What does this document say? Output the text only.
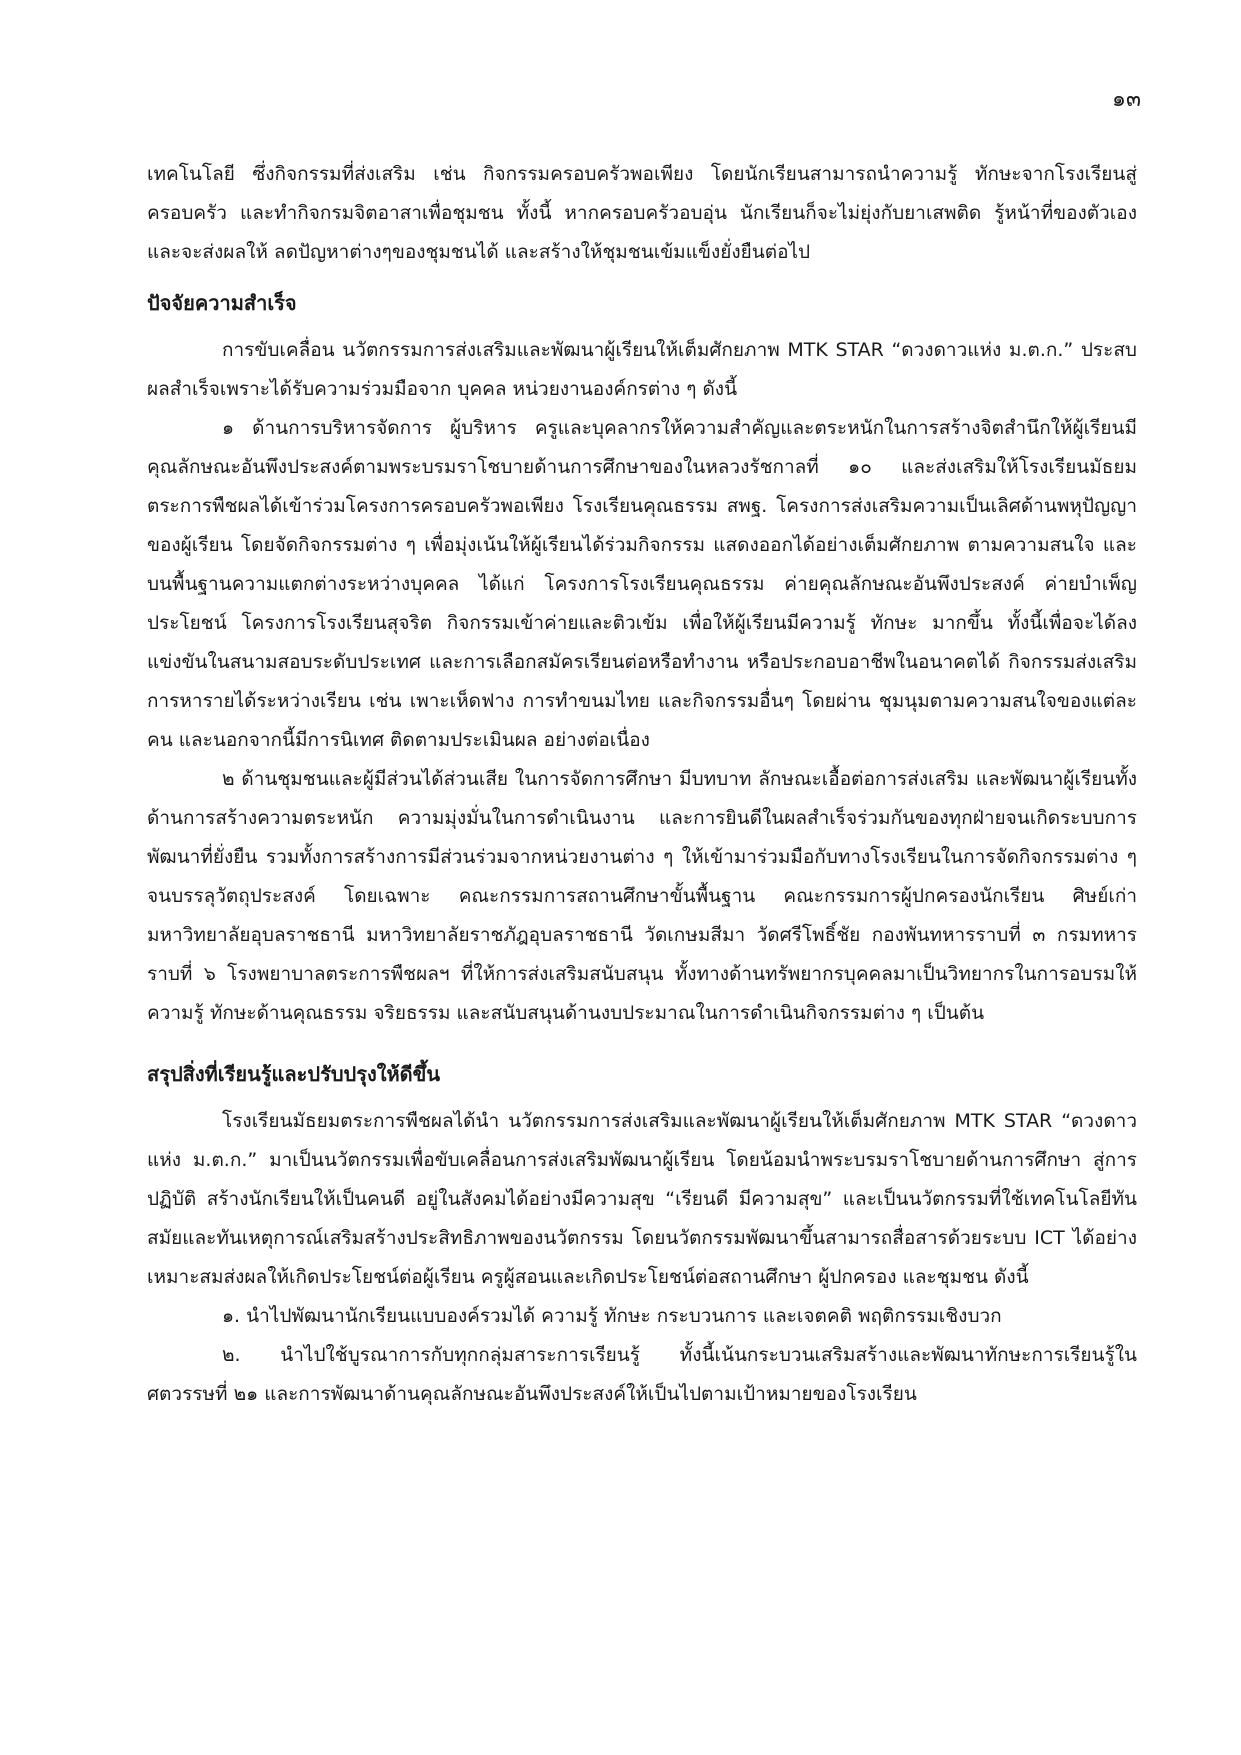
๑๓

เทคโนโลยี ซึ่งกิจกรรมที่ส่งเสริม เช่น กิจกรรมครอบครัวพอเพียง โดยนักเรียนสามารถนำความรู้ ทักษะจากโรงเรียนสู่ครอบครัว และทำกิจกรมจิตอาสาเพื่อชุมชน ทั้งนี้ หากครอบครัวอบอุ่น นักเรียนก็จะไม่ยุ่งกับยาเสพติด รู้หน้าที่ของตัวเอง และจะส่งผลให้ ลดปัญหาต่างๆของชุมชนได้ และสร้างให้ชุมชนเข้มแข็งยั่งยืนต่อไป

ปัจจัยความสำเร็จ

การขับเคลื่อน นวัตกรรมการส่งเสริมและพัฒนาผู้เรียนให้เต็มศักยภาพ MTK STAR “ดวงดาวแห่ง ม.ต.ก.” ประสบผลสำเร็จเพราะได้รับความร่วมมือจาก บุคคล หน่วยงานองค์กรต่าง ๆ ดังนี้

๑ ด้านการบริหารจัดการ ผู้บริหาร ครูและบุคลากรให้ความสำคัญและตระหนักในการสร้างจิตสำนึกให้ผู้เรียนมีคุณลักษณะอันพึงประสงค์ตามพระบรมราโชบายด้านการศึกษาของในหลวงรัชกาลที่ ๑๐ และส่งเสริมให้โรงเรียนมัธยมตระการพืชผลได้เข้าร่วมโครงการครอบครัวพอเพียง โรงเรียนคุณธรรม สพฐ. โครงการส่งเสริมความเป็นเลิศด้านพหุปัญญาของผู้เรียน โดยจัดกิจกรรมต่าง ๆ เพื่อมุ่งเน้นให้ผู้เรียนได้ร่วมกิจกรรม แสดงออกได้อย่างเต็มศักยภาพ ตามความสนใจ และบนพื้นฐานความแตกต่างระหว่างบุคคล ได้แก่ โครงการโรงเรียนคุณธรรม ค่ายคุณลักษณะอันพึงประสงค์ ค่ายบำเพ็ญประโยชน์ โครงการโรงเรียนสุจริต กิจกรรมเข้าค่ายและติวเข้ม เพื่อให้ผู้เรียนมีความรู้ ทักษะ มากขึ้น ทั้งนี้เพื่อจะได้ลงแข่งขันในสนามสอบระดับประเทศ และการเลือกสมัครเรียนต่อหรือทำงาน หรือประกอบอาชีพในอนาคตได้ กิจกรรมส่งเสริมการหารายได้ระหว่างเรียน เช่น เพาะเห็ดฟาง การทำขนมไทย และกิจกรรมอื่นๆ โดยผ่าน ชุมนุมตามความสนใจของแต่ละคน และนอกจากนี้มีการนิเทศ ติดตามประเมินผล อย่างต่อเนื่อง

๒ ด้านชุมชนและผู้มีส่วนได้ส่วนเสีย ในการจัดการศึกษา มีบทบาท ลักษณะเอื้อต่อการส่งเสริม และพัฒนาผู้เรียนทั้งด้านการสร้างความตระหนัก ความมุ่งมั่นในการดำเนินงาน และการยินดีในผลสำเร็จร่วมกันของทุกฝ่ายจนเกิดระบบการพัฒนาที่ยั่งยืน รวมทั้งการสร้างการมีส่วนร่วมจากหน่วยงานต่าง ๆ ให้เข้ามาร่วมมือกับทางโรงเรียนในการจัดกิจกรรมต่าง ๆ จนบรรลุวัตถุประสงค์ โดยเฉพาะ คณะกรรมการสถานศึกษาขั้นพื้นฐาน คณะกรรมการผู้ปกครองนักเรียน ศิษย์เก่า มหาวิทยาลัยอุบลราชธานี มหาวิทยาลัยราชภัฎอุบลราชธานี วัดเกษมสีมา วัดศรีโพธิ์ชัย กองพันทหารราบที่ ๓ กรมทหารราบที่ ๖ โรงพยาบาลตระการพืชผลฯ ที่ให้การส่งเสริมสนับสนุน ทั้งทางด้านทรัพยากรบุคคลมาเป็นวิทยากรในการอบรมให้ความรู้ ทักษะด้านคุณธรรม จริยธรรม และสนับสนุนด้านงบประมาณในการดำเนินกิจกรรมต่าง ๆ เป็นต้น

สรุปสิ่งที่เรียนรู้และปรับปรุงให้ดีขึ้น

โรงเรียนมัธยมตระการพืชผลได้นำ นวัตกรรมการส่งเสริมและพัฒนาผู้เรียนให้เต็มศักยภาพ MTK STAR “ดวงดาวแห่ง ม.ต.ก.” มาเป็นนวัตกรรมเพื่อขับเคลื่อนการส่งเสริมพัฒนาผู้เรียน โดยน้อมนำพระบรมราโชบายด้านการศึกษา สู่การปฏิบัติ สร้างนักเรียนให้เป็นคนดี อยู่ในสังคมได้อย่างมีความสุข “เรียนดี มีความสุข” และเป็นนวัตกรรมที่ใช้เทคโนโลยีทันสมัยและทันเหตุการณ์เสริมสร้างประสิทธิภาพของนวัตกรรม โดยนวัตกรรมพัฒนาขึ้นสามารถสื่อสารด้วยระบบ ICT ได้อย่างเหมาะสมส่งผลให้เกิดประโยชน์ต่อผู้เรียน ครูผู้สอนและเกิดประโยชน์ต่อสถานศึกษา ผู้ปกครอง และชุมชน ดังนี้

๑. นำไปพัฒนานักเรียนแบบองค์รวมได้ ความรู้ ทักษะ กระบวนการ และเจตคติ พฤติกรรมเชิงบวก

๒. นำไปใช้บูรณาการกับทุกกลุ่มสาระการเรียนรู้ ทั้งนี้เน้นกระบวนเสริมสร้างและพัฒนาทักษะการเรียนรู้ในศตวรรษที่ ๒๑ และการพัฒนาด้านคุณลักษณะอันพึงประสงค์ให้เป็นไปตามเป้าหมายของโรงเรียน
